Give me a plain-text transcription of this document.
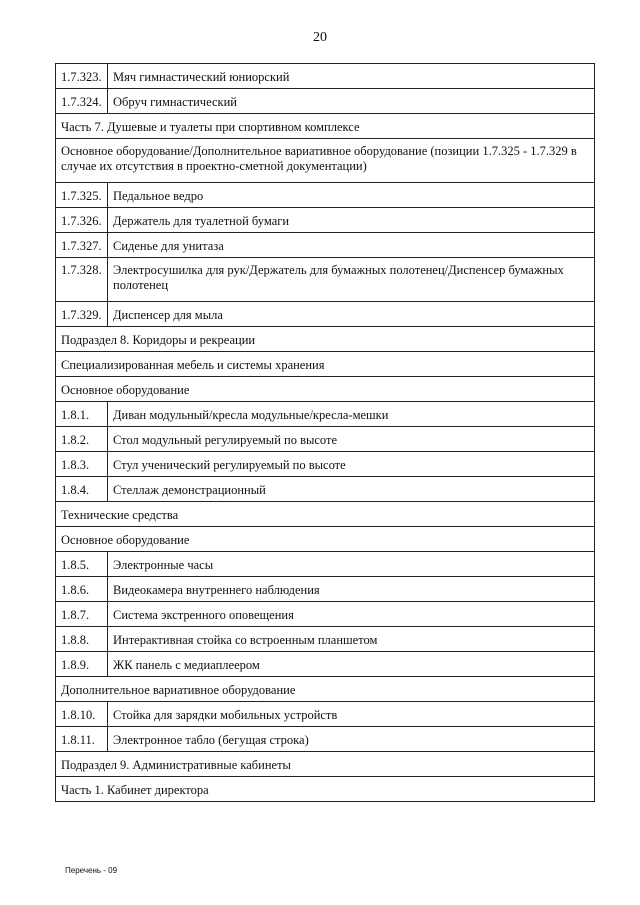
20
1.7.323.	Мяч гимнастический юниорский
1.7.324.	Обруч гимнастический
Часть 7. Душевые и туалеты при спортивном комплексе	
Основное оборудование/Дополнительное вариативное оборудование (позиции 1.7.325 - 1.7.329 в случае их отсутствия в проектно-сметной документации)	
1.7.325.	Педальное ведро
1.7.326.	Держатель для туалетной бумаги
1.7.327.	Сиденье для унитаза
1.7.328.	Электросушилка для рук/Держатель для бумажных полотенец/Диспенсер бумажных полотенец
1.7.329.	Диспенсер для мыла
Подраздел 8. Коридоры и рекреации	
Специализированная мебель и системы хранения	
Основное оборудование	
1.8.1.	Диван модульный/кресла модульные/кресла-мешки
1.8.2.	Стол модульный регулируемый по высоте
1.8.3.	Стул ученический регулируемый по высоте
1.8.4.	Стеллаж демонстрационный
Технические средства	
Основное оборудование	
1.8.5.	Электронные часы
1.8.6.	Видеокамера внутреннего наблюдения
1.8.7.	Система экстренного оповещения
1.8.8.	Интерактивная стойка со встроенным планшетом
1.8.9.	ЖК панель с медиаплеером
Дополнительное вариативное оборудование	
1.8.10.	Стойка для зарядки мобильных устройств
1.8.11.	Электронное табло (бегущая строка)
Подраздел 9. Административные кабинеты	
Часть 1. Кабинет директора	
Перечень - 09
